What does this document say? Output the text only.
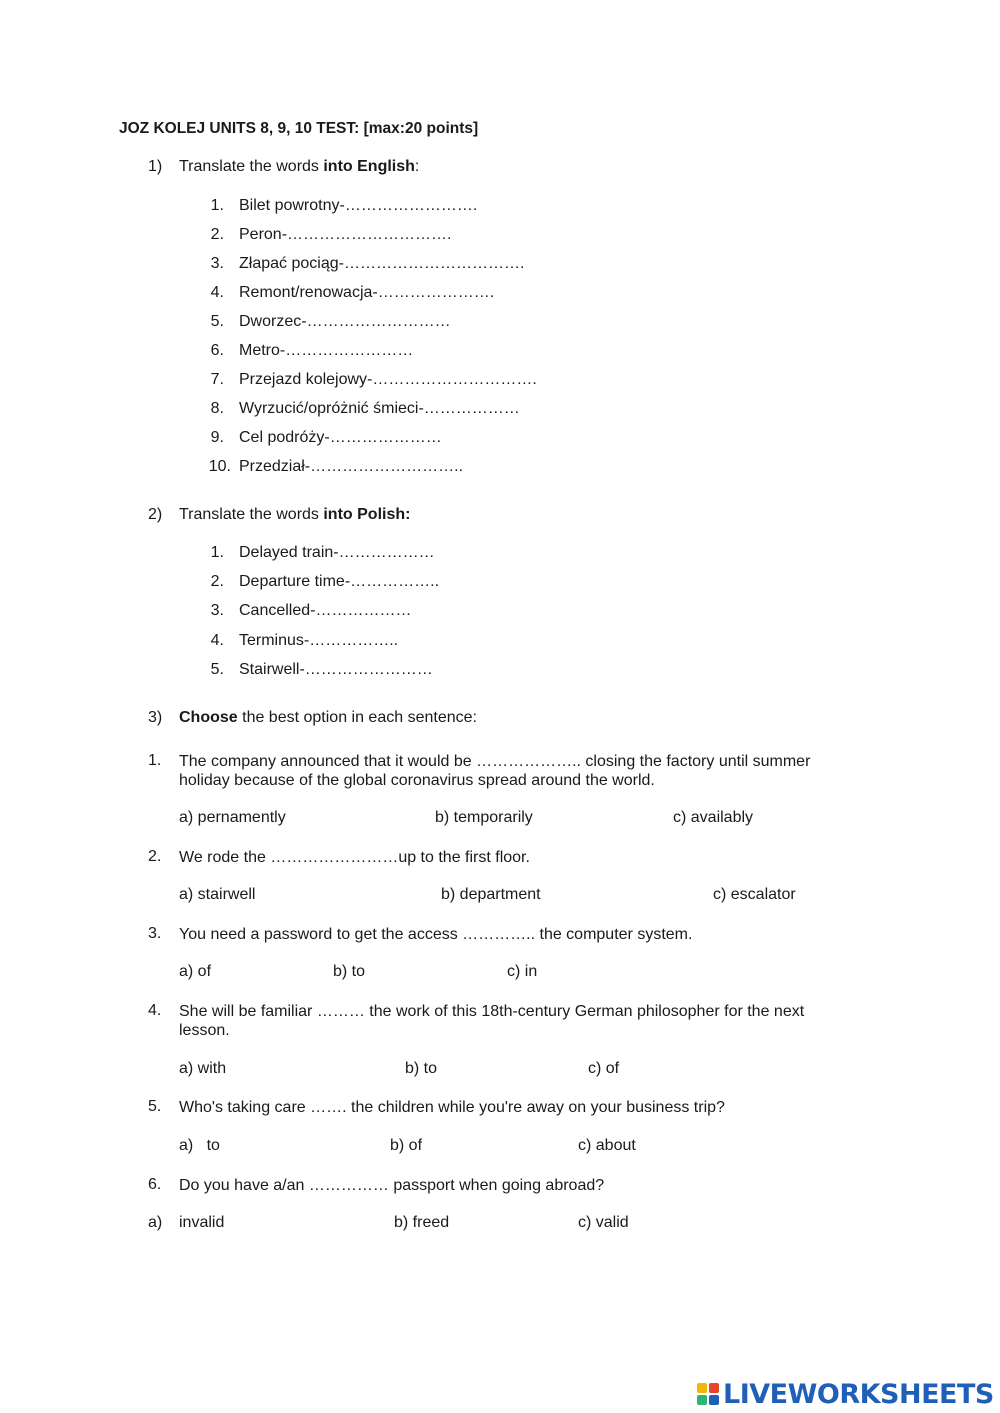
JOZ KOLEJ UNITS 8, 9, 10 TEST: [max:20 points]
1) Translate the words into English:
1. Bilet powrotny-…………………….
2. Peron-………………………….
3. Złapać pociąg-…………………………….
4. Remont/renowacja-………………….
5. Dworzec-………………………
6. Metro-……………………
7. Przejazd kolejowy-………………………….
8. Wyrzucić/opróżnić śmieci-………………
9. Cel podróży-…………………
10. Przedział-………………………..
2) Translate the words into Polish:
1. Delayed train-………………
2. Departure time-……………..
3. Cancelled-………………
4. Terminus-……………..
5. Stairwell-……………………
3) Choose the best option in each sentence:
1. The company announced that it would be ……………….. closing the factory until summer holiday because of the global coronavirus spread around the world.
a) pernamently	b) temporarily	c) availably
2. We rode the ……………………up to the first floor.
a) stairwell	b) department	c) escalator
3. You need a password to get the access ………….. the computer system.
a) of	b) to	c) in
4. She will be familiar ……… the work of this 18th-century German philosopher for the next lesson.
a) with	b) to	c) of
5. Who's taking care ……. the children while you're away on your business trip?
a)   to	b) of	c) about
6. Do you have a/an …………… passport when going abroad?
a) invalid	b) freed	c) valid
LIVEWORKSHEETS
